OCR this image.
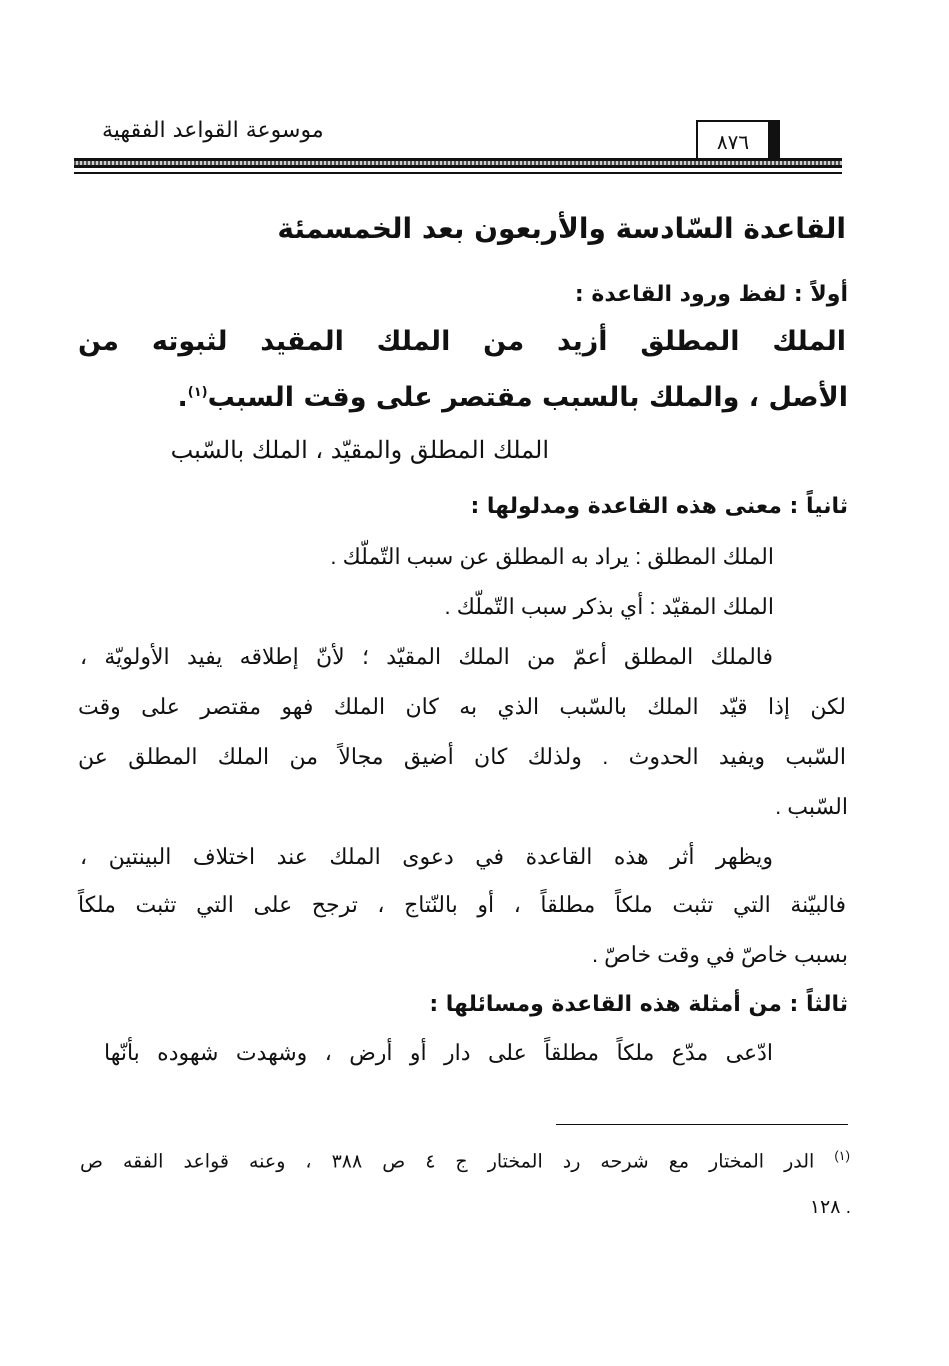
موسوعة القواعد الفقهية	٨٧٦
القاعدة السّادسة والأربعون بعد الخمسمئة
أولاً : لفظ ورود القاعدة :
الملك المطلق أزيد من الملك المقيد لثبوته من
الأصل ، والملك بالسبب مقتصر على وقت السبب$^{(١)}$.
الملك المطلق والمقيّد ، الملك بالسّبب
ثانياً : معنى هذه القاعدة ومدلولها :
الملك المطلق : يراد به المطلق عن سبب التّملّك .
الملك المقيّد : أي بذكر سبب التّملّك .
فالملك المطلق أعمّ من الملك المقيّد ؛ لأنّ إطلاقه يفيد الأولويّة ،
لكن إذا قيّد الملك بالسّبب الذي به كان الملك فهو مقتصر على وقت
السّبب ويفيد الحدوث . ولذلك كان أضيق مجالاً من الملك المطلق عن
السّبب .
ويظهر أثر هذه القاعدة في دعوى الملك عند اختلاف البينتين ،
فالبيّنة التي تثبت ملكاً مطلقاً ، أو بالنّتاج ، ترجح على التي تثبت ملكاً
بسبب خاصّ في وقت خاصّ .
ثالثاً : من أمثلة هذه القاعدة ومسائلها :
ادّعى مدّع ملكاً مطلقاً على دار أو أرض ، وشهدت شهوده بأنّها
$^{(١)}$ الدر المختار مع شرحه رد المختار ج ٤ ص ٣٨٨ ، وعنه قواعد الفقه ص
١٢٨ .
